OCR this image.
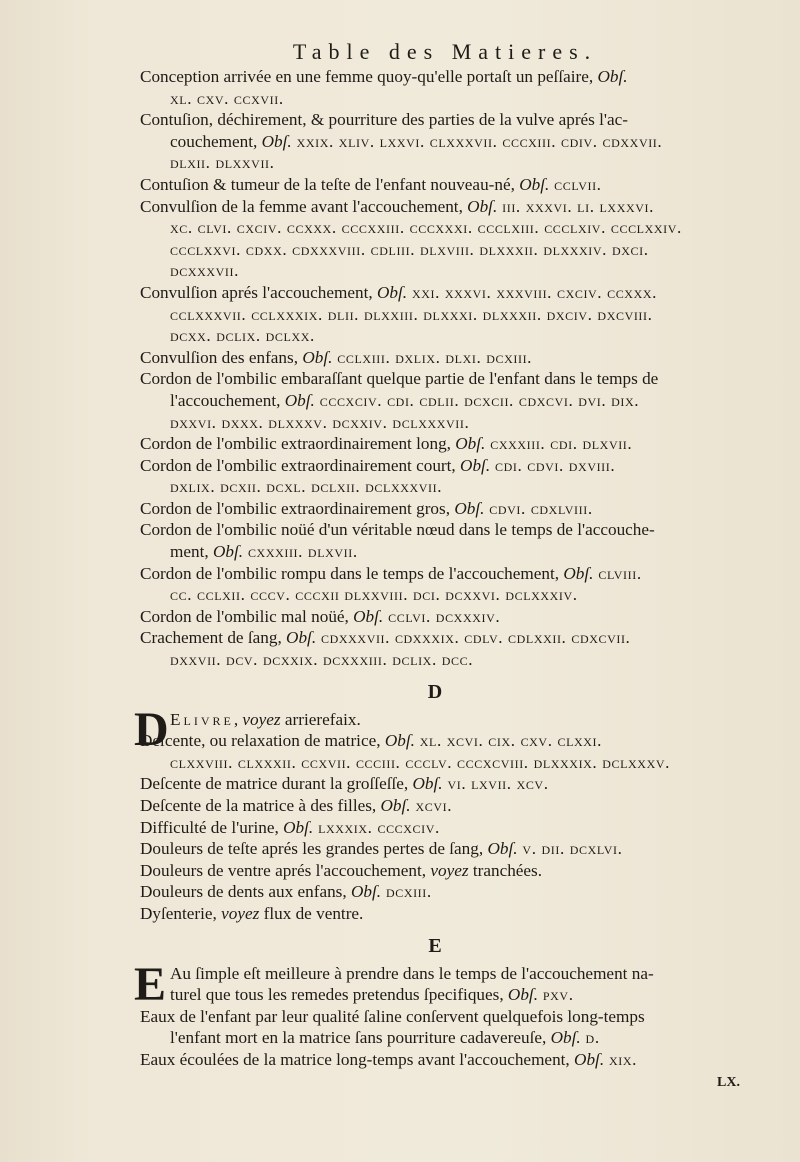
Table des Matieres.

Conception arrivée en une femme quoy-qu'elle portaſt un peſſaire, Obſ.

xl. cxv. ccxvii.

Contuſion, déchirement, & pourriture des parties de la vulve aprés l'ac-

couchement, Obſ. xxix. xliv. lxxvi. clxxxvii. cccxiii. cdiv. cdxxvii.

dlxii. dlxxvii.

Contuſion & tumeur de la teſte de l'enfant nouveau-né, Obſ. cclvii.

Convulſion de la femme avant l'accouchement, Obſ. iii. xxxvi. li. lxxxvi.

xc. clvi. cxciv. ccxxx. cccxxiii. cccxxxi. ccclxiii. ccclxiv. ccclxxiv.

ccclxxvi. cdxx. cdxxxviii. cdliii. dlxviii. dlxxxii. dlxxxiv. dxci.

dcxxxvii.

Convulſion aprés l'accouchement, Obſ. xxi. xxxvi. xxxviii. cxciv. ccxxx.

cclxxxvii. cclxxxix. dlii. dlxxiii. dlxxxi. dlxxxii. dxciv. dxcviii.

dcxx. dclix. dclxx.

Convulſion des enfans, Obſ. cclxiii. dxlix. dlxi. dcxiii.

Cordon de l'ombilic embaraſſant quelque partie de l'enfant dans le temps de

l'accouchement, Obſ. cccxciv. cdi. cdlii. dcxcii. cdxcvi. dvi. dix.

dxxvi. dxxx. dlxxxv. dcxxiv. dclxxxvii.

Cordon de l'ombilic extraordinairement long, Obſ. cxxxiii. cdi. dlxvii.

Cordon de l'ombilic extraordinairement court, Obſ. cdi. cdvi. dxviii.

dxlix. dcxii. dcxl. dclxii. dclxxxvii.

Cordon de l'ombilic extraordinairement gros, Obſ. cdvi. cdxlviii.

Cordon de l'ombilic noüé d'un véritable nœud dans le temps de l'accouche-

ment, Obſ. cxxxiii. dlxvii.

Cordon de l'ombilic rompu dans le temps de l'accouchement, Obſ. clviii.

cc. cclxii. cccv. cccxii dlxxviii. dci. dcxxvi. dclxxxiv.

Cordon de l'ombilic mal noüé, Obſ. cclvi. dcxxxiv.

Crachement de ſang, Obſ. cdxxxvii. cdxxxix. cdlv. cdlxxii. cdxcvii.

dxxvii. dcv. dcxxix. dcxxxiii. dclix. dcc.

D

D Elivre, voyez arrierefaix.

Deſcente, ou relaxation de matrice, Obſ. xl. xcvi. cix. cxv. clxxi.

clxxviii. clxxxii. ccxvii. ccciii. ccclv. cccxcviii. dlxxxix. dclxxxv.

Deſcente de matrice durant la groſſeſſe, Obſ. vi. lxvii. xcv.

Deſcente de la matrice à des filles, Obſ. xcvi.

Difficulté de l'urine, Obſ. lxxxix. cccxciv.

Douleurs de teſte aprés les grandes pertes de ſang, Obſ. v. dii. dcxlvi.

Douleurs de ventre aprés l'accouchement, voyez tranchées.

Douleurs de dents aux enfans, Obſ. dcxiii.

Dyſenterie, voyez flux de ventre.

E
E Au ſimple eſt meilleure à prendre dans le temps de l'accouchement na-

turel que tous les remedes pretendus ſpecifiques, Obſ. pxv.

Eaux de l'enfant par leur qualité ſaline conſervent quelquefois long-temps

l'enfant mort en la matrice ſans pourriture cadavereuſe, Obſ. d.

Eaux écoulées de la matrice long-temps avant l'accouchement, Obſ. xix.

LX.
